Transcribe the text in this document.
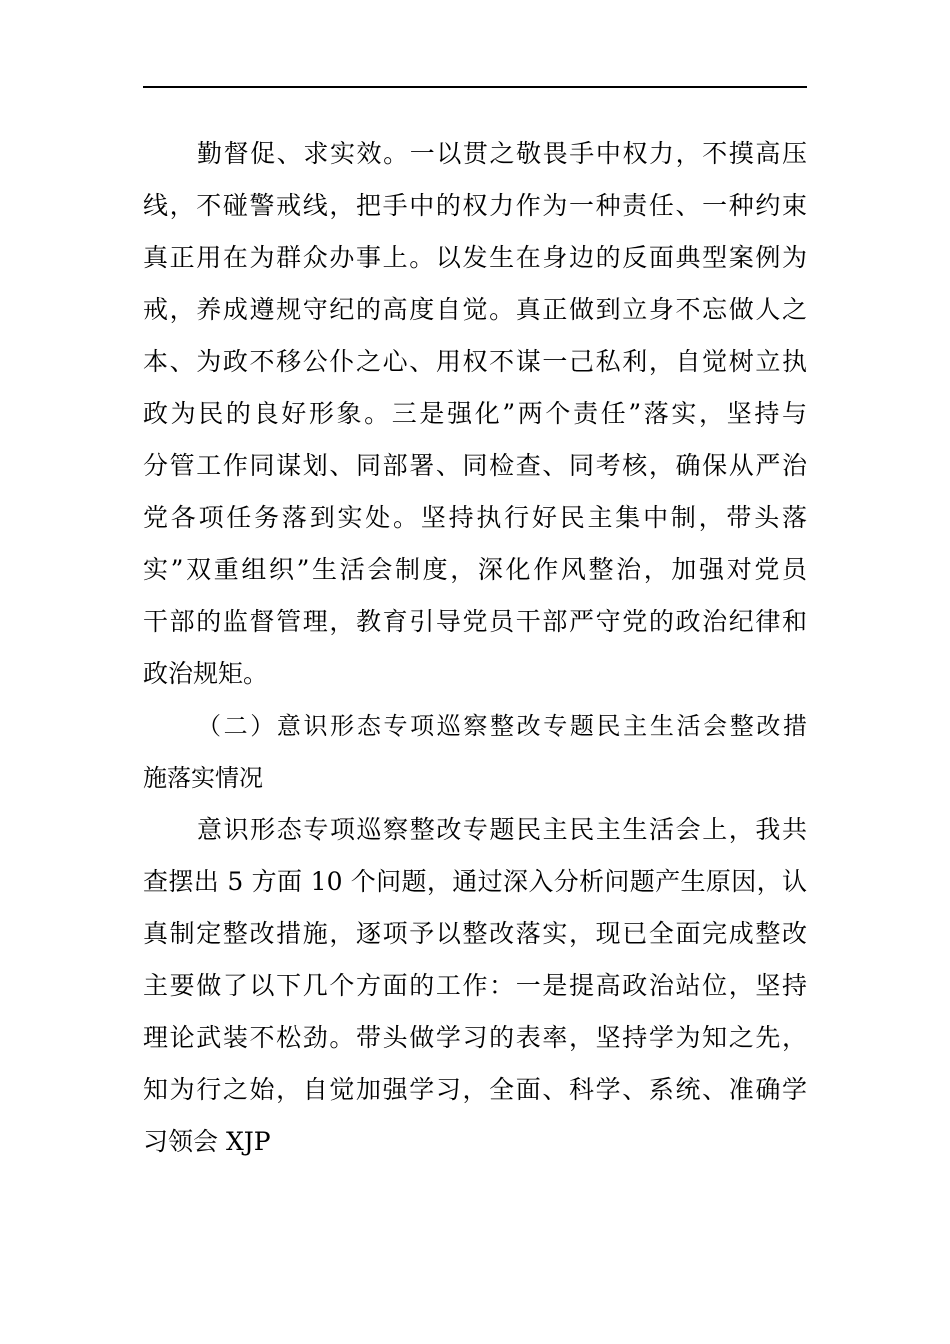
勤督促、求实效。一以贯之敬畏手中权力，不摸高压
线，不碰警戒线，把手中的权力作为一种责任、一种约束
真正用在为群众办事上。以发生在身边的反面典型案例为
戒，养成遵规守纪的高度自觉。真正做到立身不忘做人之
本、为政不移公仆之心、用权不谋一己私利，自觉树立执
政为民的良好形象。三是强化”两个责任”落实，坚持与
分管工作同谋划、同部署、同检查、同考核，确保从严治
党各项任务落到实处。坚持执行好民主集中制，带头落
实”双重组织”生活会制度，深化作风整治，加强对党员
干部的监督管理，教育引导党员干部严守党的政治纪律和
政治规矩。
（二）意识形态专项巡察整改专题民主生活会整改措
施落实情况
意识形态专项巡察整改专题民主民主生活会上，我共
查摆出 5 方面 10 个问题，通过深入分析问题产生原因，认
真制定整改措施，逐项予以整改落实，现已全面完成整改
主要做了以下几个方面的工作：一是提高政治站位，坚持
理论武装不松劲。带头做学习的表率，坚持学为知之先，
知为行之始，自觉加强学习，全面、科学、系统、准确学
习领会 XJP
